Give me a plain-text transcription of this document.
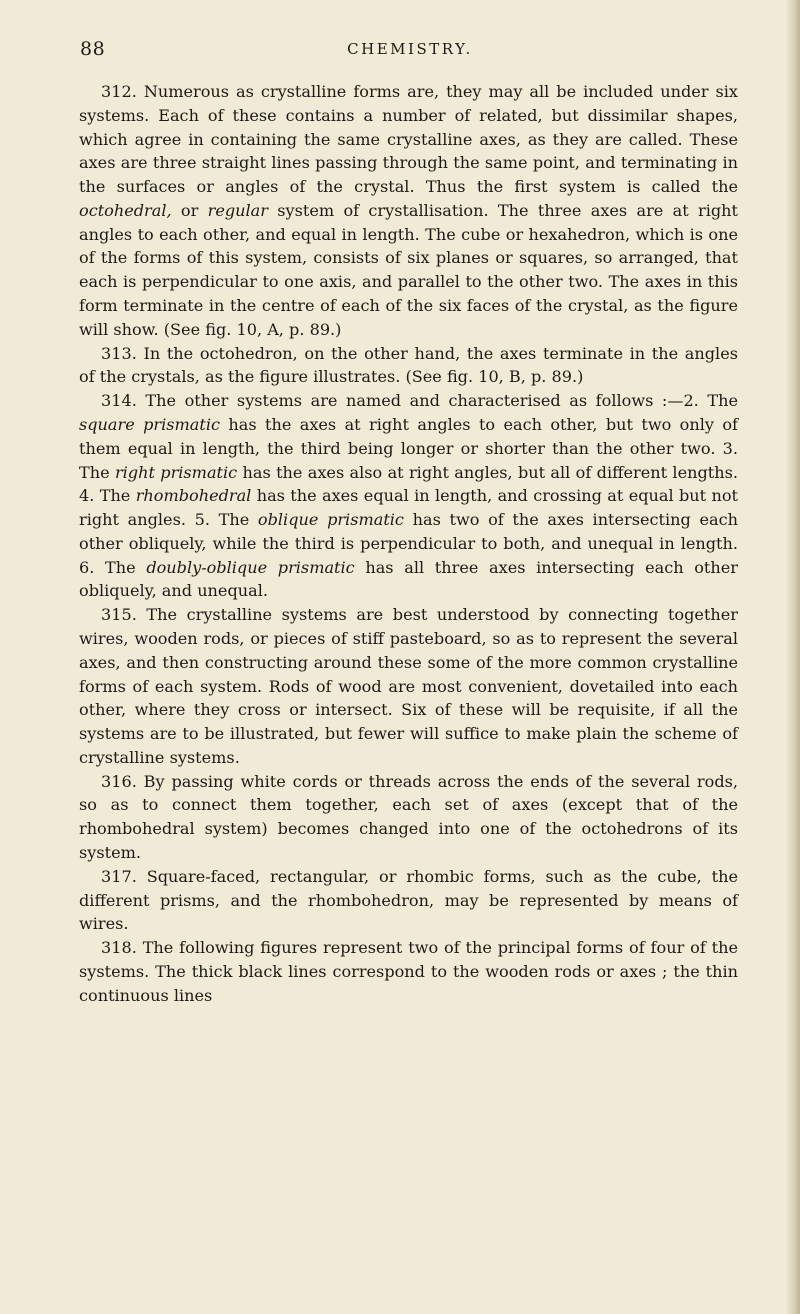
88	CHEMISTRY.

312. Numerous as crystalline forms are, they may all be included under six systems. Each of these contains a number of related, but dissimilar shapes, which agree in containing the same crystalline axes, as they are called. These axes are three straight lines passing through the same point, and terminating in the surfaces or angles of the crystal. Thus the first system is called the octohedral, or regular system of crystallisation. The three axes are at right angles to each other, and equal in length. The cube or hexahedron, which is one of the forms of this system, consists of six planes or squares, so arranged, that each is perpendicular to one axis, and parallel to the other two. The axes in this form terminate in the centre of each of the six faces of the crystal, as the figure will show. (See fig. 10, A, p. 89.)

313. In the octohedron, on the other hand, the axes terminate in the angles of the crystals, as the figure illustrates. (See fig. 10, B, p. 89.)

314. The other systems are named and characterised as follows :—2. The square prismatic has the axes at right angles to each other, but two only of them equal in length, the third being longer or shorter than the other two. 3. The right prismatic has the axes also at right angles, but all of different lengths. 4. The rhombohedral has the axes equal in length, and crossing at equal but not right angles. 5. The oblique prismatic has two of the axes intersecting each other obliquely, while the third is perpendicular to both, and unequal in length. 6. The doubly-oblique prismatic has all three axes intersecting each other obliquely, and unequal.

315. The crystalline systems are best understood by connecting together wires, wooden rods, or pieces of stiff pasteboard, so as to represent the several axes, and then constructing around these some of the more common crystalline forms of each system. Rods of wood are most convenient, dovetailed into each other, where they cross or intersect. Six of these will be requisite, if all the systems are to be illustrated, but fewer will suffice to make plain the scheme of crystalline systems.

316. By passing white cords or threads across the ends of the several rods, so as to connect them together, each set of axes (except that of the rhombohedral system) becomes changed into one of the octohedrons of its system.

317. Square-faced, rectangular, or rhombic forms, such as the cube, the different prisms, and the rhombohedron, may be represented by means of wires.

318. The following figures represent two of the principal forms of four of the systems. The thick black lines correspond to the wooden rods or axes ; the thin continuous lines
